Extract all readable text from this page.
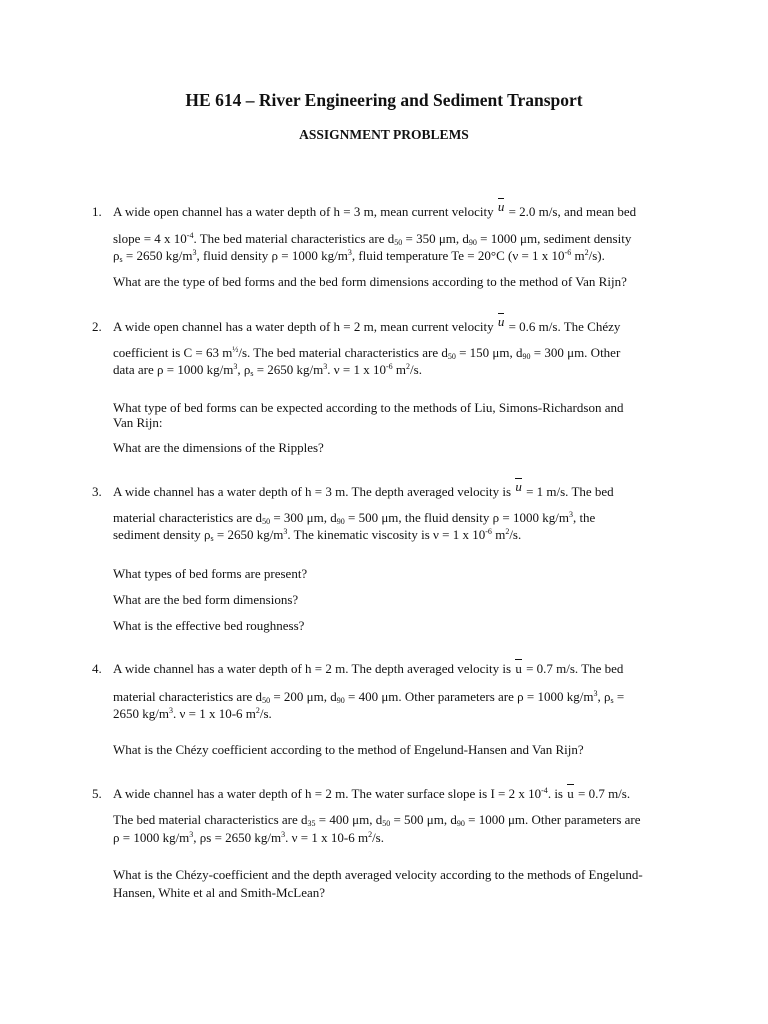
HE 614 – River Engineering and Sediment Transport
ASSIGNMENT PROBLEMS
1. A wide open channel has a water depth of h = 3 m, mean current velocity u = 2.0 m/s, and mean bed
slope = 4 x $10^{-4}$. The bed material characteristics are $d_{50} = 350$ μm, $d_{90} = 1000$ μm, sediment density
$\rho_s = 2650$ $kg/m^3$, fluid density ρ = 1000 $kg/m^3$, fluid temperature Te = 20°C (ν = 1 x $10^{-6}$ $m^2/s$).
What are the type of bed forms and the bed form dimensions according to the method of Van Rijn?
2. A wide open channel has a water depth of h = 2 m, mean current velocity u = 0.6 m/s. The Chézy
coefficient is C = 63 $m^{\frac{1}{2}}/s$. The bed material characteristics are $d_{50} = 150$ μm, $d_{90} = 300$ μm. Other
data are ρ = 1000 $kg/m^3$, $\rho_s = 2650$ $kg/m^3$. ν = 1 x $10^{-6}$ $m^2/s$.
What type of bed forms can be expected according to the methods of Liu, Simons-Richardson and
Van Rijn:
What are the dimensions of the Ripples?
3. A wide channel has a water depth of h = 3 m. The depth averaged velocity is u = 1 m/s. The bed
material characteristics are $d_{50} = 300$ μm, $d_{90} = 500$ μm, the fluid density ρ = 1000 $kg/m^3$, the
sediment density $\rho_s = 2650$ $kg/m^3$. The kinematic viscosity is ν = 1 x $10^{-6}$ $m^2/s$.
What types of bed forms are present?
What are the bed form dimensions?
What is the effective bed roughness?
4. A wide channel has a water depth of h = 2 m. The depth averaged velocity is u = 0.7 m/s. The bed
material characteristics are $d_{50} = 200$ μm, $d_{90} = 400$ μm. Other parameters are ρ = 1000 $kg/m^3$, $\rho_s$ =
2650 $kg/m^3$. ν = 1 x 10-6 $m^2/s$.
What is the Chézy coefficient according to the method of Engelund-Hansen and Van Rijn?
5. A wide channel has a water depth of h = 2 m. The water surface slope is I = 2 x $10^{-4}$. is u = 0.7 m/s.
The bed material characteristics are $d_{35} = 400$ μm, $d_{50} = 500$ μm, $d_{90} = 1000$ μm. Other parameters are
ρ = 1000 $kg/m^3$, ρs = 2650 $kg/m^3$. ν = 1 x 10-6 $m^2/s$.
What is the Chézy-coefficient and the depth averaged velocity according to the methods of Engelund-
Hansen, White et al and Smith-McLean?
